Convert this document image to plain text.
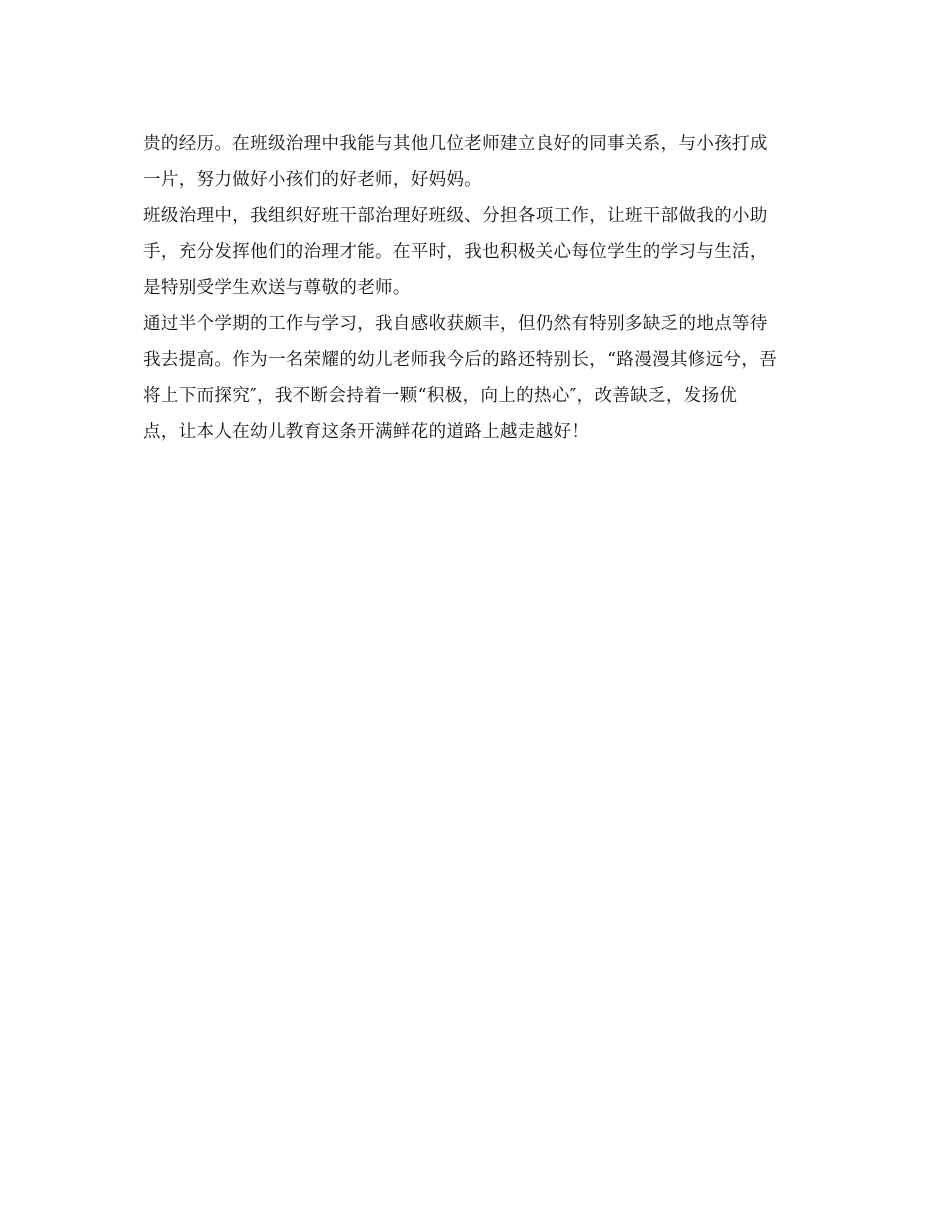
贵的经历。在班级治理中我能与其他几位老师建立良好的同事关系，与小孩打成
一片，努力做好小孩们的好老师，好妈妈。
班级治理中，我组织好班干部治理好班级、分担各项工作，让班干部做我的小助
手，充分发挥他们的治理才能。在平时，我也积极关心每位学生的学习与生活，
是特别受学生欢送与尊敬的老师。
通过半个学期的工作与学习，我自感收获颇丰，但仍然有特别多缺乏的地点等待
我去提高。作为一名荣耀的幼儿老师我今后的路还特别长，“路漫漫其修远兮，吾
将上下而探究″，我不断会持着一颗“积极，向上的热心″，改善缺乏，发扬优
点，让本人在幼儿教育这条开满鲜花的道路上越走越好！
